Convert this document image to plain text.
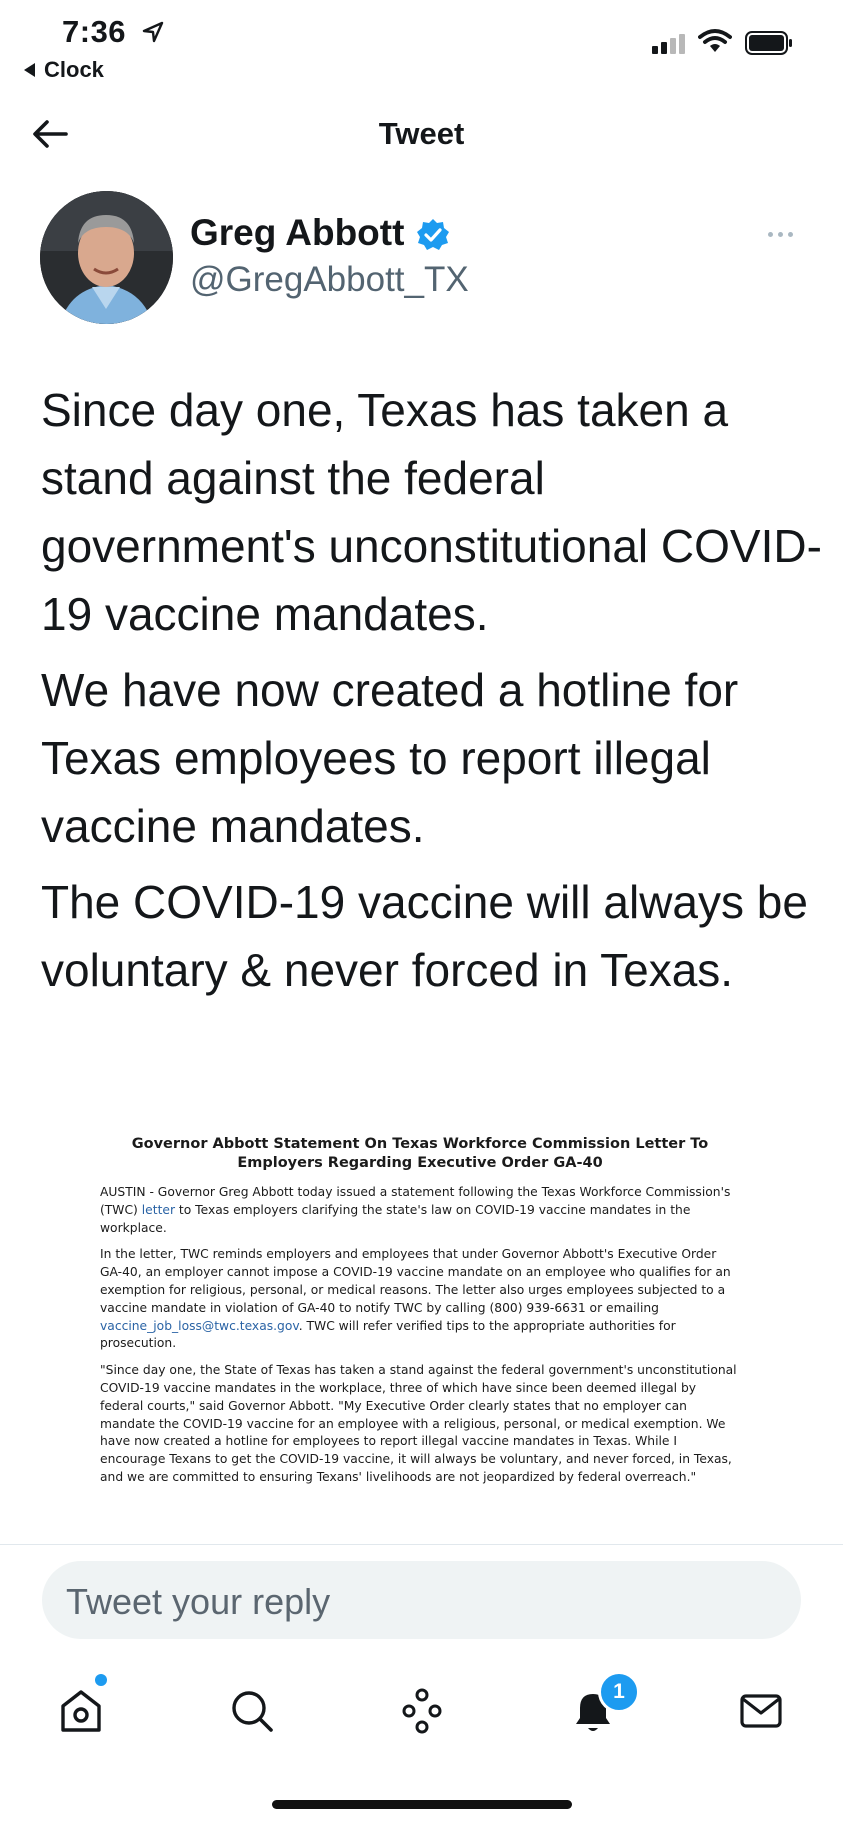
7:36
Clock
Tweet
Greg Abbott
@GregAbbott_TX

Since day one, Texas has taken a stand against the federal government's unconstitutional COVID-19 vaccine mandates.

We have now created a hotline for Texas employees to report illegal vaccine mandates.

The COVID-19 vaccine will always be voluntary & never forced in Texas.

Governor Abbott Statement On Texas Workforce Commission Letter To Employers Regarding Executive Order GA-40

AUSTIN - Governor Greg Abbott today issued a statement following the Texas Workforce Commission's (TWC) letter to Texas employers clarifying the state's law on COVID-19 vaccine mandates in the workplace.

In the letter, TWC reminds employers and employees that under Governor Abbott's Executive Order GA-40, an employer cannot impose a COVID-19 vaccine mandate on an employee who qualifies for an exemption for religious, personal, or medical reasons. The letter also urges employees subjected to a vaccine mandate in violation of GA-40 to notify TWC by calling (800) 939-6631 or emailing vaccine_job_loss@twc.texas.gov. TWC will refer verified tips to the appropriate authorities for prosecution.

"Since day one, the State of Texas has taken a stand against the federal government's unconstitutional COVID-19 vaccine mandates in the workplace, three of which have since been deemed illegal by federal courts," said Governor Abbott. "My Executive Order clearly states that no employer can mandate the COVID-19 vaccine for an employee with a religious, personal, or medical exemption. We have now created a hotline for employees to report illegal vaccine mandates in Texas. While I encourage Texans to get the COVID-19 vaccine, it will always be voluntary, and never forced, in Texas, and we are committed to ensuring Texans' livelihoods are not jeopardized by federal overreach."

Tweet your reply
1
